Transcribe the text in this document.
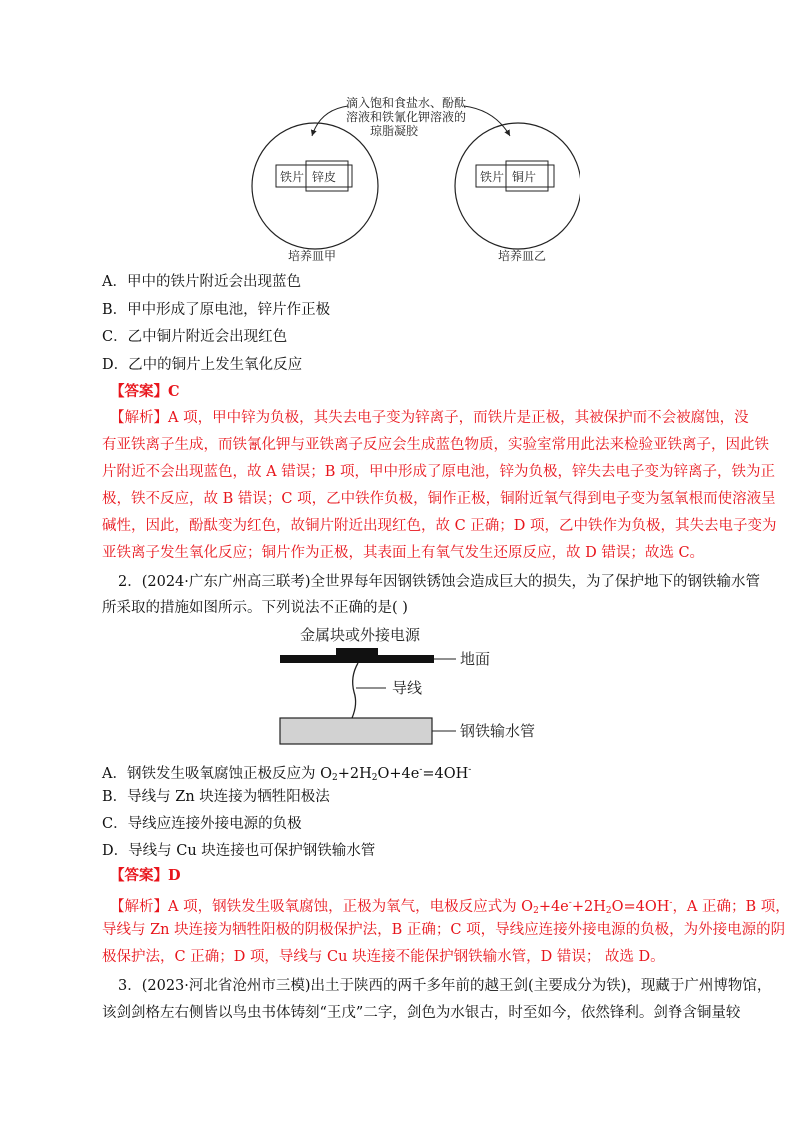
滴入饱和食盐水、酚酞
溶液和铁氰化钾溶液的
琼脂凝胶
铁片 锌皮
培养皿甲
铁片 铜片
培养皿乙
A．甲中的铁片附近会出现蓝色
B．甲中形成了原电池，锌片作正极
C．乙中铜片附近会出现红色
D．乙中的铜片上发生氧化反应
【答案】C
【解析】A 项，甲中锌为负极，其失去电子变为锌离子，而铁片是正极，其被保护而不会被腐蚀，没
有亚铁离子生成，而铁氰化钾与亚铁离子反应会生成蓝色物质，实验室常用此法来检验亚铁离子，因此铁
片附近不会出现蓝色，故 A 错误；B 项，甲中形成了原电池，锌为负极，锌失去电子变为锌离子，铁为正
极，铁不反应，故 B 错误；C 项，乙中铁作负极，铜作正极，铜附近氧气得到电子变为氢氧根而使溶液呈
碱性，因此，酚酞变为红色，故铜片附近出现红色，故 C 正确；D 项，乙中铁作为负极，其失去电子变为
亚铁离子发生氧化反应；铜片作为正极，其表面上有氧气发生还原反应，故 D 错误；故选 C。
2．(2024·广东广州高三联考)全世界每年因钢铁锈蚀会造成巨大的损失，为了保护地下的钢铁输水管
所采取的措施如图所示。下列说法不正确的是( )
金属块或外接电源
地面
导线
钢铁输水管
A．钢铁发生吸氧腐蚀正极反应为 $O_2+2H_2O+4e^-=4OH^-$
B．导线与 Zn 块连接为牺牲阳极法
C．导线应连接外接电源的负极
D．导线与 Cu 块连接也可保护钢铁输水管
【答案】D
【解析】A 项，钢铁发生吸氧腐蚀，正极为氧气，电极反应式为 $O_2+4e^-+2H_2O=4OH^-$，A 正确；B 项，
导线与 Zn 块连接为牺牲阳极的阴极保护法，B 正确；C 项，导线应连接外接电源的负极，为外接电源的阴
极保护法，C 正确；D 项，导线与 Cu 块连接不能保护钢铁输水管，D 错误； 故选 D。
3．(2023·河北省沧州市三模)出土于陕西的两千多年前的越王剑(主要成分为铁)，现藏于广州博物馆，
该剑剑格左右侧皆以鸟虫书体铸刻“王戊”二字，剑色为水银古，时至如今，依然锋利。剑脊含铜量较
